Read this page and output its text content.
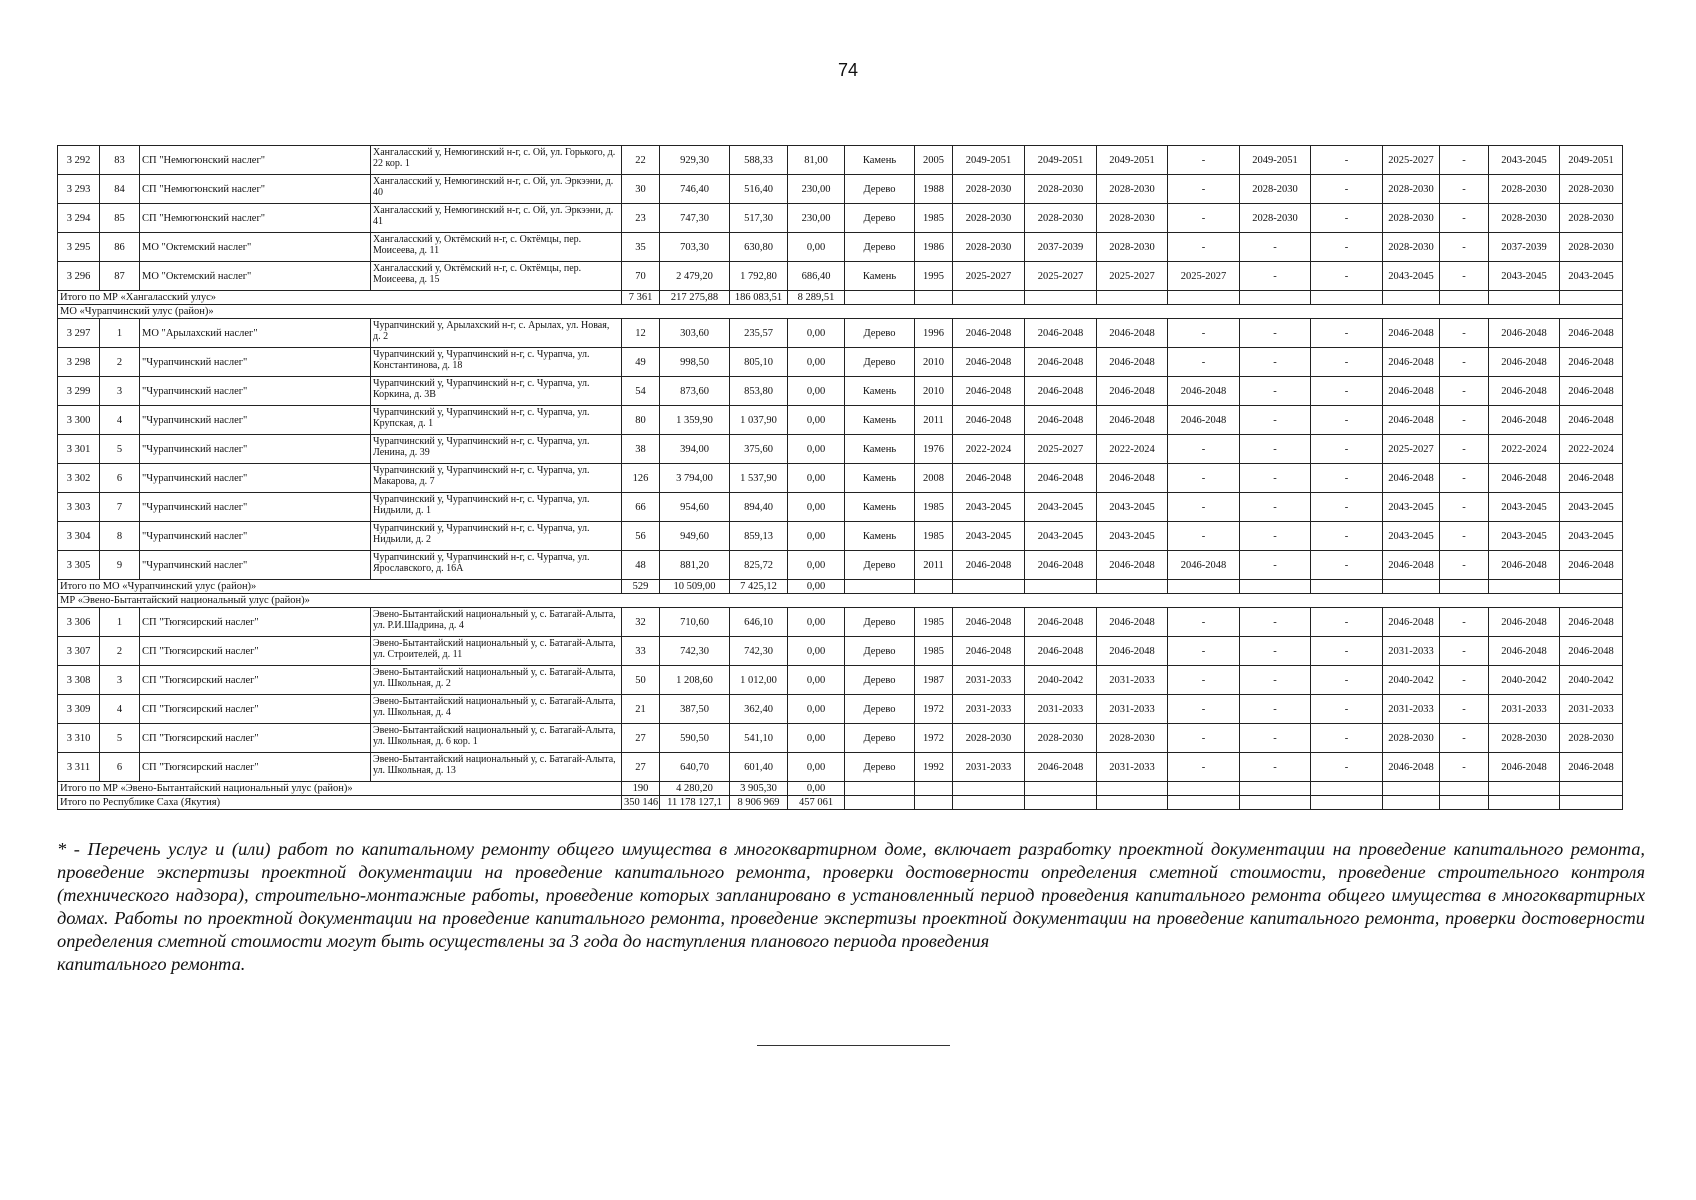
74
3 292	83	СП "Немюгюнский наслег"	Хангаласский у, Немюгинский н-г, с. Ой, ул. Горького, д. 22 кор. 1	22	929,30	588,33	81,00	Камень	2005	2049-2051	2049-2051	2049-2051	-	2049-2051	-	2025-2027	-	2043-2045	2049-2051
3 293	84	СП "Немюгюнский наслег"	Хангаласский у, Немюгинский н-г, с. Ой, ул. Эркээни, д. 40	30	746,40	516,40	230,00	Дерево	1988	2028-2030	2028-2030	2028-2030	-	2028-2030	-	2028-2030	-	2028-2030	2028-2030
3 294	85	СП "Немюгюнский наслег"	Хангаласский у, Немюгинский н-г, с. Ой, ул. Эркээни, д. 41	23	747,30	517,30	230,00	Дерево	1985	2028-2030	2028-2030	2028-2030	-	2028-2030	-	2028-2030	-	2028-2030	2028-2030
3 295	86	МО "Октемский наслег"	Хангаласский у, Октёмский н-г, с. Октёмцы, пер. Моисеева, д. 11	35	703,30	630,80	0,00	Дерево	1986	2028-2030	2037-2039	2028-2030	-	-	-	2028-2030	-	2037-2039	2028-2030
3 296	87	МО "Октемский наслег"	Хангаласский у, Октёмский н-г, с. Октёмцы, пер. Моисеева, д. 15	70	2 479,20	1 792,80	686,40	Камень	1995	2025-2027	2025-2027	2025-2027	2025-2027	-	-	2043-2045	-	2043-2045	2043-2045
Итого по МР «Хангаласский улус»				7 361	217 275,88	186 083,51	8 289,51												
МО «Чурапчинский улус (район)»																			
3 297	1	МО "Арылахский наслег"	Чурапчинский у, Арылахский н-г, с. Арылах, ул. Новая, д. 2	12	303,60	235,57	0,00	Дерево	1996	2046-2048	2046-2048	2046-2048	-	-	-	2046-2048	-	2046-2048	2046-2048
3 298	2	"Чурапчинский наслег"	Чурапчинский у, Чурапчинский н-г, с. Чурапча, ул. Константинова, д. 18	49	998,50	805,10	0,00	Дерево	2010	2046-2048	2046-2048	2046-2048	-	-	-	2046-2048	-	2046-2048	2046-2048
3 299	3	"Чурапчинский наслег"	Чурапчинский у, Чурапчинский н-г, с. Чурапча, ул. Коркина, д. 3В	54	873,60	853,80	0,00	Камень	2010	2046-2048	2046-2048	2046-2048	2046-2048	-	-	2046-2048	-	2046-2048	2046-2048
3 300	4	"Чурапчинский наслег"	Чурапчинский у, Чурапчинский н-г, с. Чурапча, ул. Крупская, д. 1	80	1 359,90	1 037,90	0,00	Камень	2011	2046-2048	2046-2048	2046-2048	2046-2048	-	-	2046-2048	-	2046-2048	2046-2048
3 301	5	"Чурапчинский наслег"	Чурапчинский у, Чурапчинский н-г, с. Чурапча, ул. Ленина, д. 39	38	394,00	375,60	0,00	Камень	1976	2022-2024	2025-2027	2022-2024	-	-	-	2025-2027	-	2022-2024	2022-2024
3 302	6	"Чурапчинский наслег"	Чурапчинский у, Чурапчинский н-г, с. Чурапча, ул. Макарова, д. 7	126	3 794,00	1 537,90	0,00	Камень	2008	2046-2048	2046-2048	2046-2048	-	-	-	2046-2048	-	2046-2048	2046-2048
3 303	7	"Чурапчинский наслег"	Чурапчинский у, Чурапчинский н-г, с. Чурапча, ул. Нидьили, д. 1	66	954,60	894,40	0,00	Камень	1985	2043-2045	2043-2045	2043-2045	-	-	-	2043-2045	-	2043-2045	2043-2045
3 304	8	"Чурапчинский наслег"	Чурапчинский у, Чурапчинский н-г, с. Чурапча, ул. Нидьили, д. 2	56	949,60	859,13	0,00	Камень	1985	2043-2045	2043-2045	2043-2045	-	-	-	2043-2045	-	2043-2045	2043-2045
3 305	9	"Чурапчинский наслег"	Чурапчинский у, Чурапчинский н-г, с. Чурапча, ул. Ярославского, д. 16А	48	881,20	825,72	0,00	Дерево	2011	2046-2048	2046-2048	2046-2048	2046-2048	-	-	2046-2048	-	2046-2048	2046-2048
Итого по МО «Чурапчинский улус (район)»				529	10 509,00	7 425,12	0,00												
МР «Эвено-Бытантайский национальный улус (район)»																			
3 306	1	СП "Тюгясирский наслег"	Эвено-Бытантайский национальный у, с. Батагай-Алыта, ул. Р.И.Шадрина, д. 4	32	710,60	646,10	0,00	Дерево	1985	2046-2048	2046-2048	2046-2048	-	-	-	2046-2048	-	2046-2048	2046-2048
3 307	2	СП "Тюгясирский наслег"	Эвено-Бытантайский национальный у, с. Батагай-Алыта, ул. Строителей, д. 11	33	742,30	742,30	0,00	Дерево	1985	2046-2048	2046-2048	2046-2048	-	-	-	2031-2033	-	2046-2048	2046-2048
3 308	3	СП "Тюгясирский наслег"	Эвено-Бытантайский национальный у, с. Батагай-Алыта, ул. Школьная, д. 2	50	1 208,60	1 012,00	0,00	Дерево	1987	2031-2033	2040-2042	2031-2033	-	-	-	2040-2042	-	2040-2042	2040-2042
3 309	4	СП "Тюгясирский наслег"	Эвено-Бытантайский национальный у, с. Батагай-Алыта, ул. Школьная, д. 4	21	387,50	362,40	0,00	Дерево	1972	2031-2033	2031-2033	2031-2033	-	-	-	2031-2033	-	2031-2033	2031-2033
3 310	5	СП "Тюгясирский наслег"	Эвено-Бытантайский национальный у, с. Батагай-Алыта, ул. Школьная, д. 6 кор. 1	27	590,50	541,10	0,00	Дерево	1972	2028-2030	2028-2030	2028-2030	-	-	-	2028-2030	-	2028-2030	2028-2030
3 311	6	СП "Тюгясирский наслег"	Эвено-Бытантайский национальный у, с. Батагай-Алыта, ул. Школьная, д. 13	27	640,70	601,40	0,00	Дерево	1992	2031-2033	2046-2048	2031-2033	-	-	-	2046-2048	-	2046-2048	2046-2048
Итого по МР «Эвено-Бытантайский национальный улус (район)»				190	4 280,20	3 905,30	0,00												
Итого по Республике Саха (Якутия)				350 146	11 178 127,1	8 906 969	457 061												
* - Перечень услуг и (или) работ по капитальному ремонту общего имущества в многоквартирном доме, включает разработку проектной документации на проведение капитального ремонта, проведение экспертизы проектной документации на проведение капитального ремонта, проверки достоверности определения сметной стоимости, проведение строительного контроля (технического надзора), строительно-монтажные работы, проведение которых запланировано в установленный период проведения капитального ремонта общего имущества в многоквартирных домах. Работы по проектной документации на проведение капитального ремонта, проведение экспертизы проектной документации на проведение капитального ремонта, проверки достоверности определения сметной стоимости могут быть осуществлены за 3 года до наступления планового периода проведения
капитального ремонта.
